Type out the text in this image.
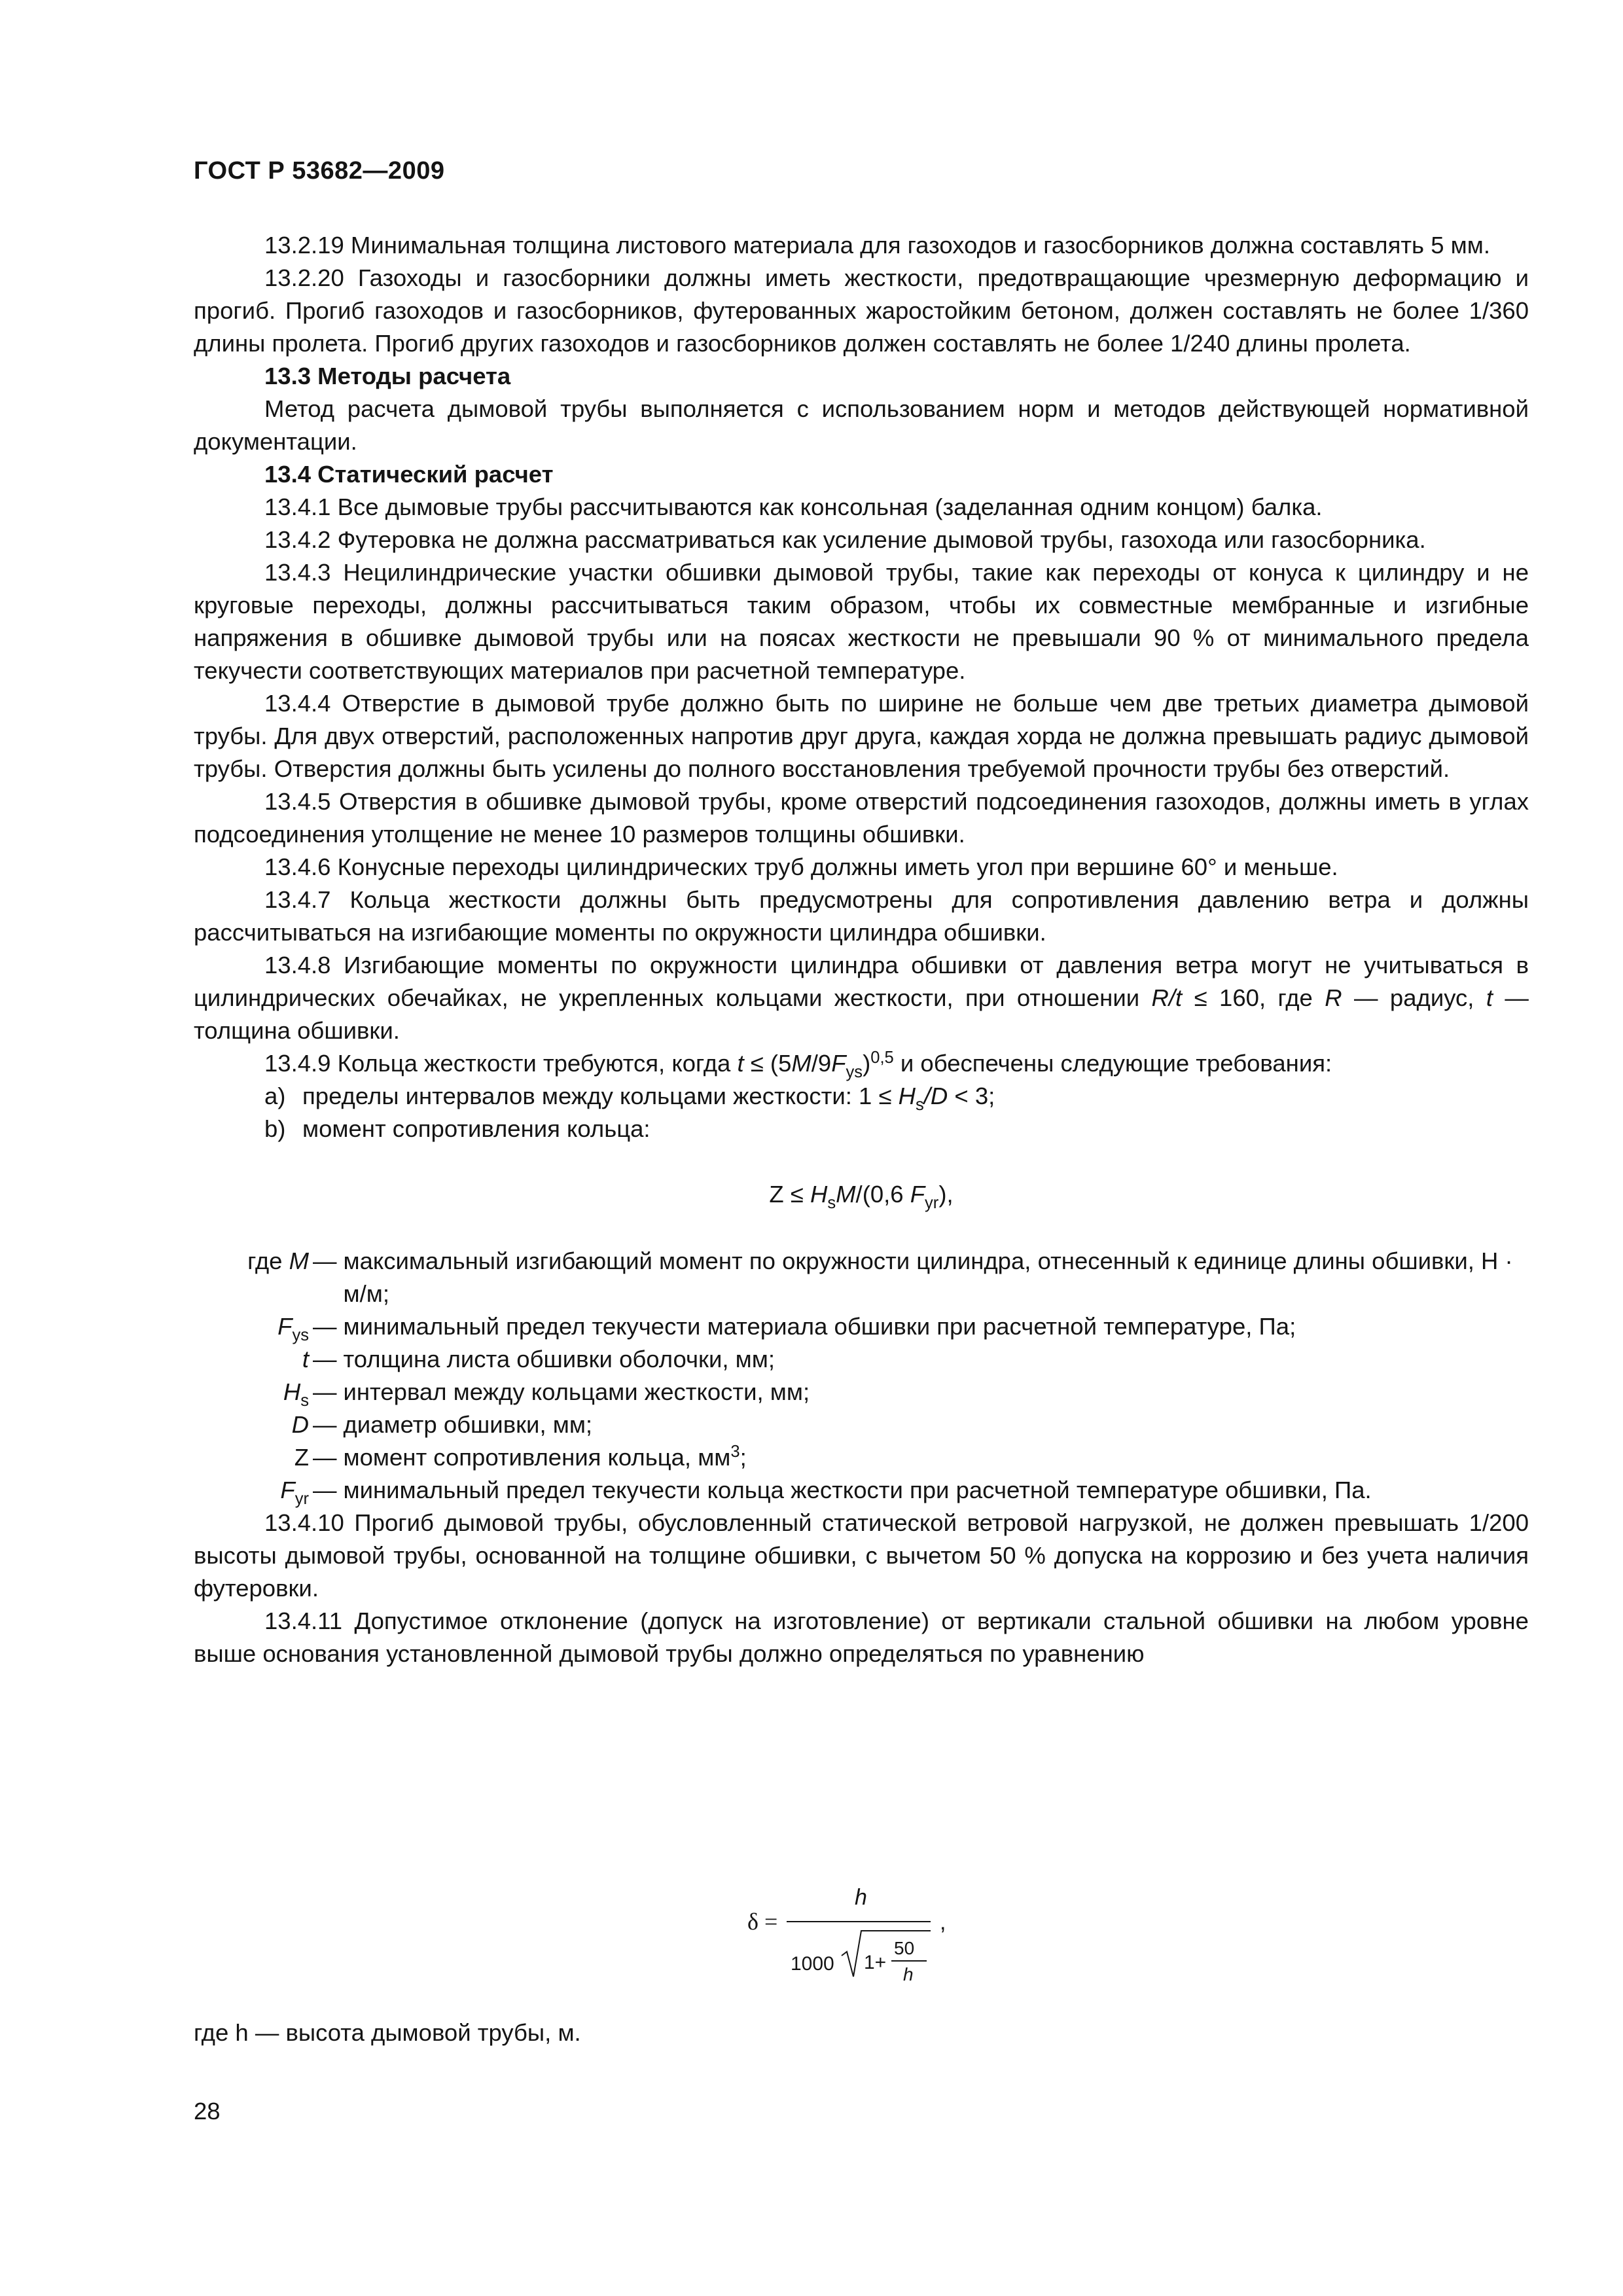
ГОСТ Р 53682—2009

13.2.19 Минимальная толщина листового материала для газоходов и газосборников должна составлять 5 мм.

13.2.20 Газоходы и газосборники должны иметь жесткости, предотвращающие чрезмерную деформацию и прогиб. Прогиб газоходов и газосборников, футерованных жаростойким бетоном, должен составлять не более 1/360 длины пролета. Прогиб других газоходов и газосборников должен составлять не более 1/240 длины пролета.

13.3 Методы расчета

Метод расчета дымовой трубы выполняется с использованием норм и методов действующей нормативной документации.

13.4 Статический расчет

13.4.1 Все дымовые трубы рассчитываются как консольная (заделанная одним концом) балка.

13.4.2 Футеровка не должна рассматриваться как усиление дымовой трубы, газохода или газосборника.

13.4.3 Нецилиндрические участки обшивки дымовой трубы, такие как переходы от конуса к цилиндру и не круговые переходы, должны рассчитываться таким образом, чтобы их совместные мембранные и изгибные напряжения в обшивке дымовой трубы или на поясах жесткости не превышали 90 % от минимального предела текучести соответствующих материалов при расчетной температуре.

13.4.4 Отверстие в дымовой трубе должно быть по ширине не больше чем две третьих диаметра дымовой трубы. Для двух отверстий, расположенных напротив друг друга, каждая хорда не должна превышать радиус дымовой трубы. Отверстия должны быть усилены до полного восстановления требуемой прочности трубы без отверстий.

13.4.5 Отверстия в обшивке дымовой трубы, кроме отверстий подсоединения газоходов, должны иметь в углах подсоединения утолщение не менее 10 размеров толщины обшивки.

13.4.6 Конусные переходы цилиндрических труб должны иметь угол при вершине 60° и меньше.

13.4.7 Кольца жесткости должны быть предусмотрены для сопротивления давлению ветра и должны рассчитываться на изгибающие моменты по окружности цилиндра обшивки.

13.4.8 Изгибающие моменты по окружности цилиндра обшивки от давления ветра могут не учитываться в цилиндрических обечайках, не укрепленных кольцами жесткости, при отношении R/t ≤ 160, где R — радиус, t — толщина обшивки.

13.4.9 Кольца жесткости требуются, когда $t \le (5M/9F_{ys})^{0,5}$ и обеспечены следующие требования:

a) пределы интервалов между кольцами жесткости: $1 \le H_s/D < 3$;

b) момент сопротивления кольца:

$Z \le H_sM/(0,6$ $F_{yr}$),
где M — максимальный изгибающий момент по окружности цилиндра, отнесенный к единице длины обшивки, Н · м/м;
$F_{ys}$ — минимальный предел текучести материала обшивки при расчетной температуре, Па;
t — толщина листа обшивки оболочки, мм;
$H_s$ — интервал между кольцами жесткости, мм;
D — диаметр обшивки, мм;
Z — момент сопротивления кольца, $мм^3$;
$F_{yr}$ — минимальный предел текучести кольца жесткости при расчетной температуре обшивки, Па.

13.4.10 Прогиб дымовой трубы, обусловленный статической ветровой нагрузкой, не должен превышать 1/200 высоты дымовой трубы, основанной на толщине обшивки, с вычетом 50 % допуска на коррозию и без учета наличия футеровки.

13.4.11 Допустимое отклонение (допуск на изготовление) от вертикали стальной обшивки на любом уровне выше основания установленной дымовой трубы должно определяться по уравнению

δ =
h
1000 1+
50
h
,
где h — высота дымовой трубы, м.
28
